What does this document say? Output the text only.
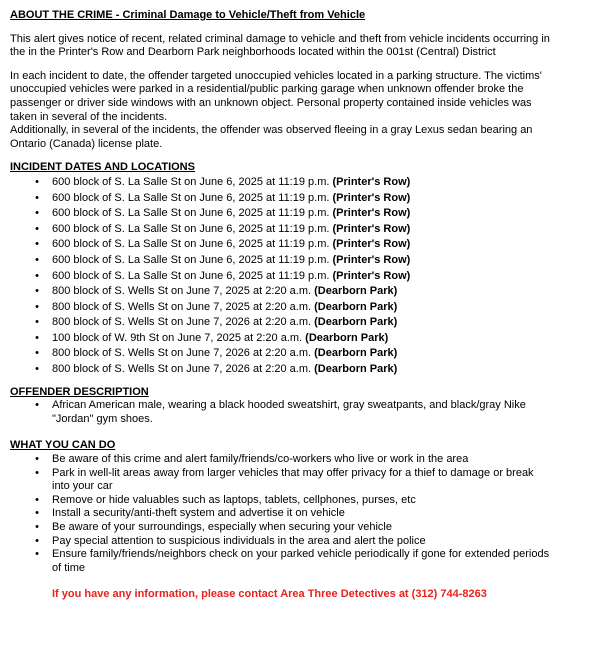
ABOUT THE CRIME - Criminal Damage to Vehicle/Theft from Vehicle

This alert gives notice of recent, related criminal damage to vehicle and theft from vehicle incidents occurring in the in the Printer's Row and Dearborn Park neighborhoods located within the 001st (Central) District

In each incident to date, the offender targeted unoccupied vehicles located in a parking structure. The victims' unoccupied vehicles were parked in a residential/public parking garage when unknown offender broke the passenger or driver side windows with an unknown object. Personal property contained inside vehicles was taken in several of the incidents.

Additionally, in several of the incidents, the offender was observed fleeing in a gray Lexus sedan bearing an Ontario (Canada) license plate.

INCIDENT DATES AND LOCATIONS

• 600 block of S. La Salle St on June 6, 2025 at 11:19 p.m. (Printer's Row)
• 600 block of S. La Salle St on June 6, 2025 at 11:19 p.m. (Printer's Row)
• 600 block of S. La Salle St on June 6, 2025 at 11:19 p.m. (Printer's Row)
• 600 block of S. La Salle St on June 6, 2025 at 11:19 p.m. (Printer's Row)
• 600 block of S. La Salle St on June 6, 2025 at 11:19 p.m. (Printer's Row)
• 600 block of S. La Salle St on June 6, 2025 at 11:19 p.m. (Printer's Row)
• 600 block of S. La Salle St on June 6, 2025 at 11:19 p.m. (Printer's Row)
• 800 block of S. Wells St on June 7, 2025 at 2:20 a.m. (Dearborn Park)
• 800 block of S. Wells St on June 7, 2025 at 2:20 a.m. (Dearborn Park)
• 800 block of S. Wells St on June 7, 2026 at 2:20 a.m. (Dearborn Park)
• 100 block of W. 9th St on June 7, 2025 at 2:20 a.m. (Dearborn Park)
• 800 block of S. Wells St on June 7, 2026 at 2:20 a.m. (Dearborn Park)
• 800 block of S. Wells St on June 7, 2026 at 2:20 a.m. (Dearborn Park)

OFFENDER DESCRIPTION

• African American male, wearing a black hooded sweatshirt, gray sweatpants, and black/gray Nike "Jordan" gym shoes.

WHAT YOU CAN DO

• Be aware of this crime and alert family/friends/co-workers who live or work in the area
• Park in well-lit areas away from larger vehicles that may offer privacy for a thief to damage or break into your car
• Remove or hide valuables such as laptops, tablets, cellphones, purses, etc
• Install a security/anti-theft system and advertise it on vehicle
• Be aware of your surroundings, especially when securing your vehicle
• Pay special attention to suspicious individuals in the area and alert the police
• Ensure family/friends/neighbors check on your parked vehicle periodically if gone for extended periods of time

If you have any information, please contact Area Three Detectives at (312) 744-8263
